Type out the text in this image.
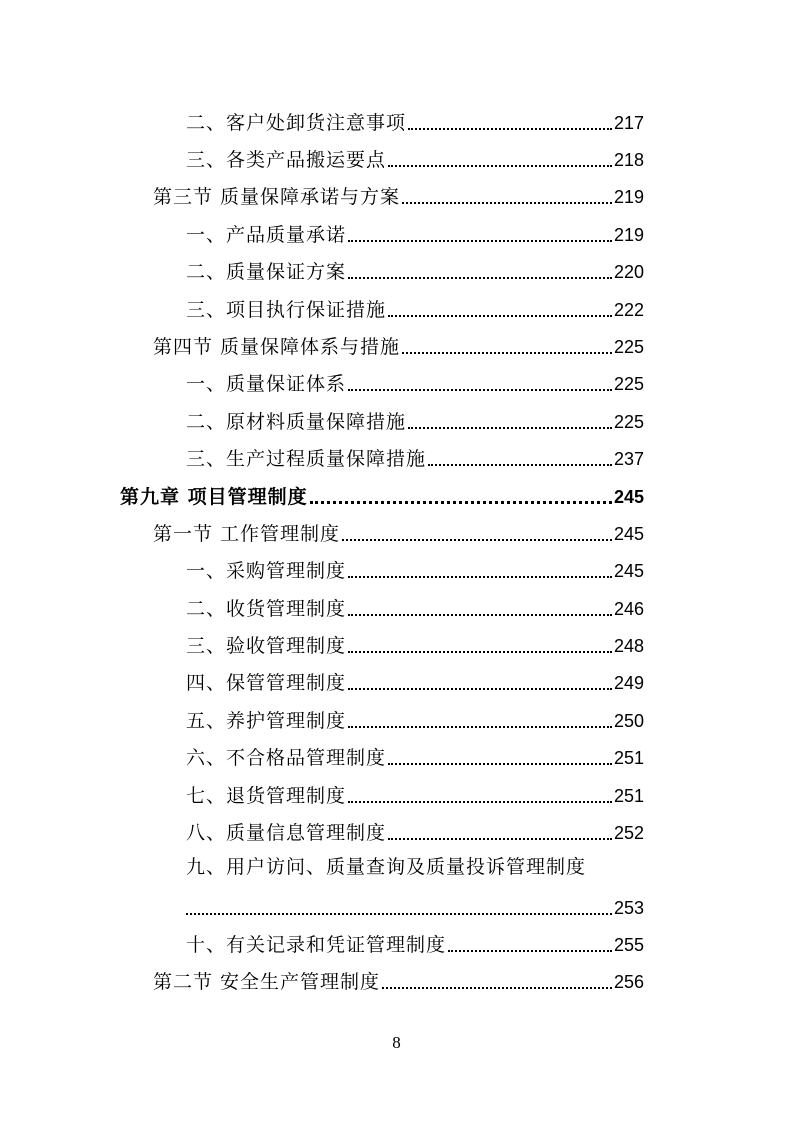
二、客户处卸货注意事项	217
三、各类产品搬运要点	218
第三节 质量保障承诺与方案	219
一、产品质量承诺	219
二、质量保证方案	220
三、项目执行保证措施	222
第四节 质量保障体系与措施	225
一、质量保证体系	225
二、原材料质量保障措施	225
三、生产过程质量保障措施	237
第九章 项目管理制度	245
第一节 工作管理制度	245
一、采购管理制度	245
二、收货管理制度	246
三、验收管理制度	248
四、保管管理制度	249
五、养护管理制度	250
六、不合格品管理制度	251
七、退货管理制度	251
八、质量信息管理制度	252
九、用户访问、质量查询及质量投诉管理制度
253
十、有关记录和凭证管理制度	255
第二节 安全生产管理制度	256
8
